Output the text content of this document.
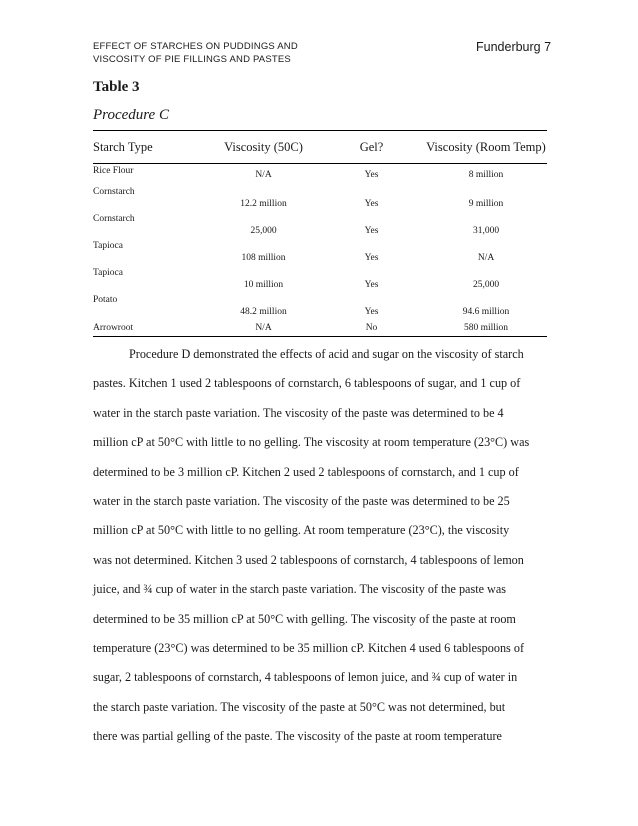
EFFECT OF STARCHES ON PUDDINGS AND
VISCOSITY OF PIE FILLINGS AND PASTES
Funderburg 7
Table 3
Procedure C
Starch Type	Viscosity (50C)	Gel?	Viscosity (Room Temp)
Rice Flour	N/A	Yes	8 million
Cornstarch	12.2 million	Yes	9 million
Cornstarch	25,000	Yes	31,000
Tapioca	108 million	Yes	N/A
Tapioca	10 million	Yes	25,000
Potato	48.2 million	Yes	94.6 million
Arrowroot	N/A	No	580 million
Procedure D demonstrated the effects of acid and sugar on the viscosity of starch
pastes. Kitchen 1 used 2 tablespoons of cornstarch, 6 tablespoons of sugar, and 1 cup of
water in the starch paste variation. The viscosity of the paste was determined to be 4
million cP at 50°C with little to no gelling. The viscosity at room temperature (23°C) was
determined to be 3 million cP. Kitchen 2 used 2 tablespoons of cornstarch, and 1 cup of
water in the starch paste variation. The viscosity of the paste was determined to be 25
million cP at 50°C with little to no gelling. At room temperature (23°C), the viscosity
was not determined. Kitchen 3 used 2 tablespoons of cornstarch, 4 tablespoons of lemon
juice, and ¾ cup of water in the starch paste variation. The viscosity of the paste was
determined to be 35 million cP at 50°C with gelling. The viscosity of the paste at room
temperature (23°C) was determined to be 35 million cP. Kitchen 4 used 6 tablespoons of
sugar, 2 tablespoons of cornstarch, 4 tablespoons of lemon juice, and ¾ cup of water in
the starch paste variation. The viscosity of the paste at 50°C was not determined, but
there was partial gelling of the paste. The viscosity of the paste at room temperature
